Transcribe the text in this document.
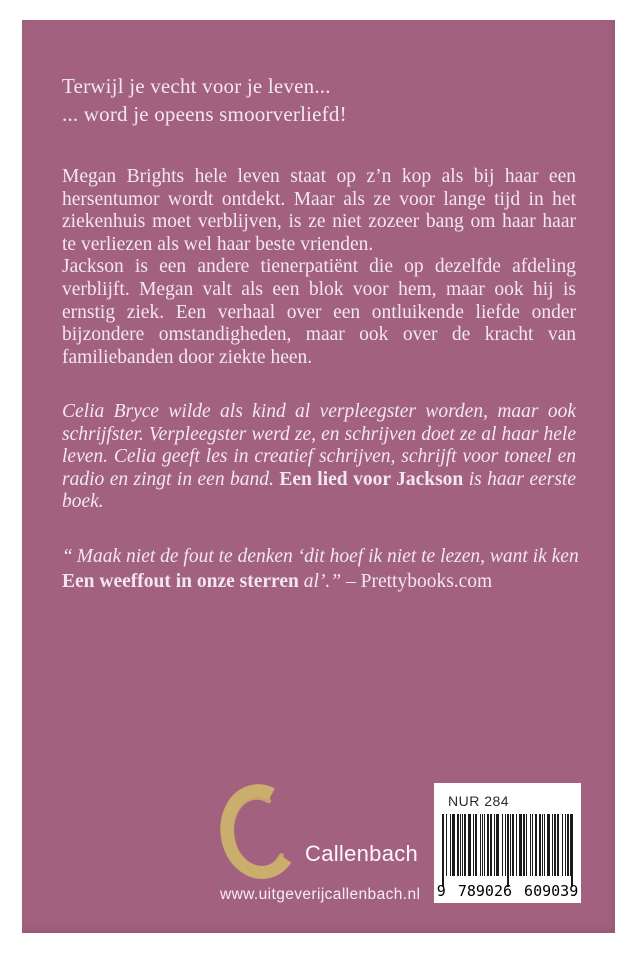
Terwijl je vecht voor je leven...
... word je opeens smoorverliefd!

Megan Brights hele leven staat op z’n kop als bij haar een hersentumor wordt ontdekt. Maar als ze voor lange tijd in het ziekenhuis moet verblijven, is ze niet zozeer bang om haar haar te verliezen als wel haar beste vrienden.

Jackson is een andere tienerpatiënt die op dezelfde afdeling verblijft. Megan valt als een blok voor hem, maar ook hij is ernstig ziek. Een verhaal over een ontluikende liefde onder bijzondere omstandigheden, maar ook over de kracht van familiebanden door ziekte heen.

Celia Bryce wilde als kind al verpleegster worden, maar ook schrijfster. Verpleegster werd ze, en schrijven doet ze al haar hele leven. Celia geeft les in creatief schrijven, schrijft voor toneel en radio en zingt in een band. Een lied voor Jackson is haar eerste boek.
“ Maak niet de fout te denken ‘dit hoef ik niet te lezen, want ik ken Een weeffout in onze sterren al’.” – Prettybooks.com
Callenbach
www.uitgeverijcallenbach.nl
NUR 284
9 789026 609039
